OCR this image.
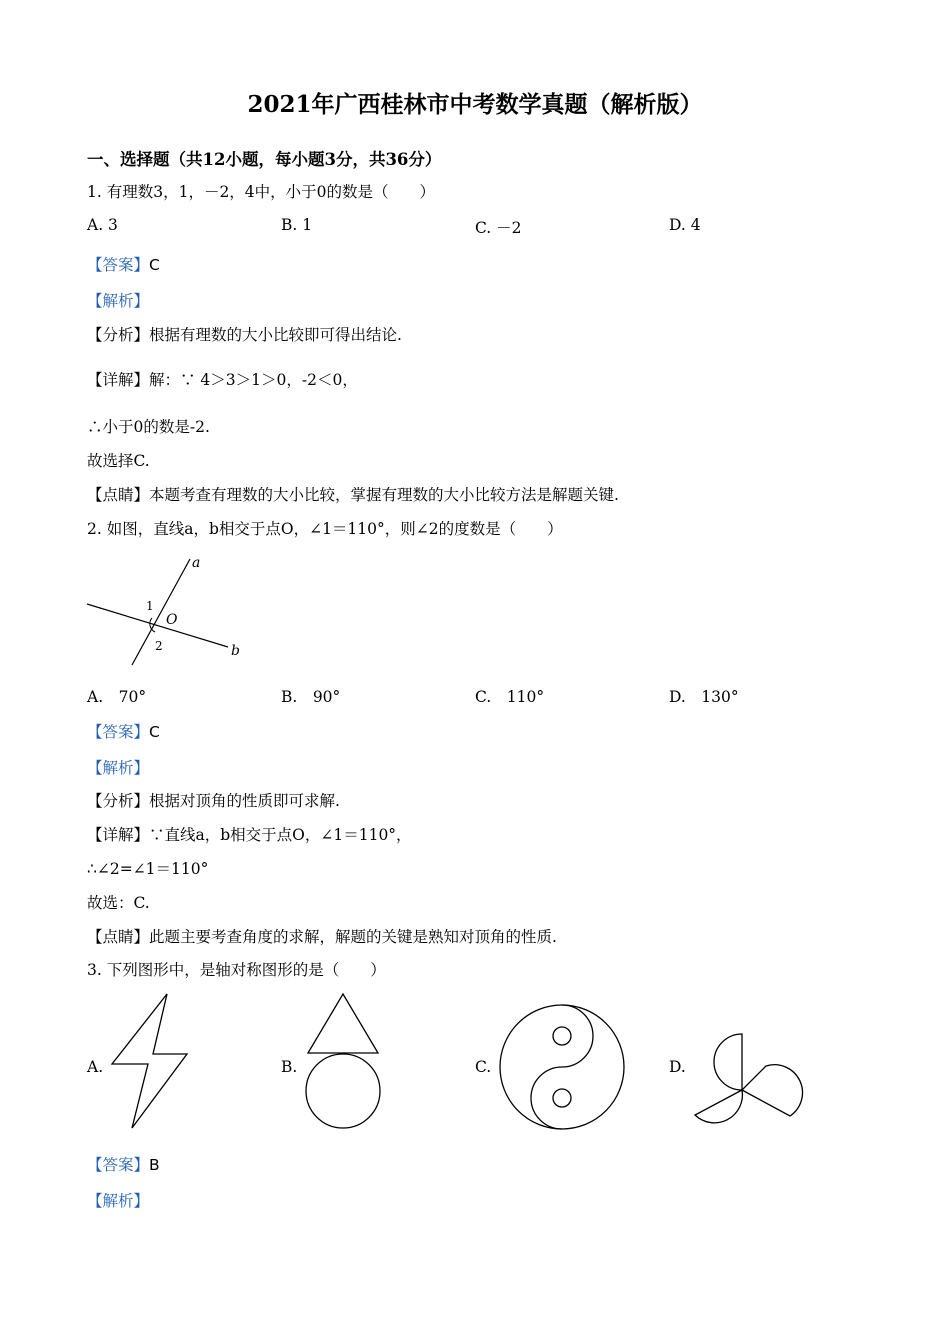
2021年广西桂林市中考数学真题（解析版）
一、选择题（共12小题，每小题3分，共36分）
1. 有理数3，1，－2，4中，小于0的数是（　　）
A. 3	B. 1	C. －2	D. 4
【答案】C
【解析】
【分析】根据有理数的大小比较即可得出结论.
【详解】解：∵ 4＞3＞1＞0，-2＜0，
∴小于0的数是-2.
故选择C.
【点睛】本题考查有理数的大小比较，掌握有理数的大小比较方法是解题关键.
2. 如图，直线a，b相交于点O，∠1＝110°，则∠2的度数是（　　）
a
b
O
1
2
A.　70°	B.　90°	C.　110°	D.　130°
【答案】C
【解析】
【分析】根据对顶角的性质即可求解.
【详解】∵直线a，b相交于点O，∠1＝110°，
∴∠2=∠1＝110°
故选：C.
【点睛】此题主要考查角度的求解，解题的关键是熟知对顶角的性质.
3. 下列图形中，是轴对称图形的是（　　）
A.	B.	C.	D.
【答案】B
【解析】
